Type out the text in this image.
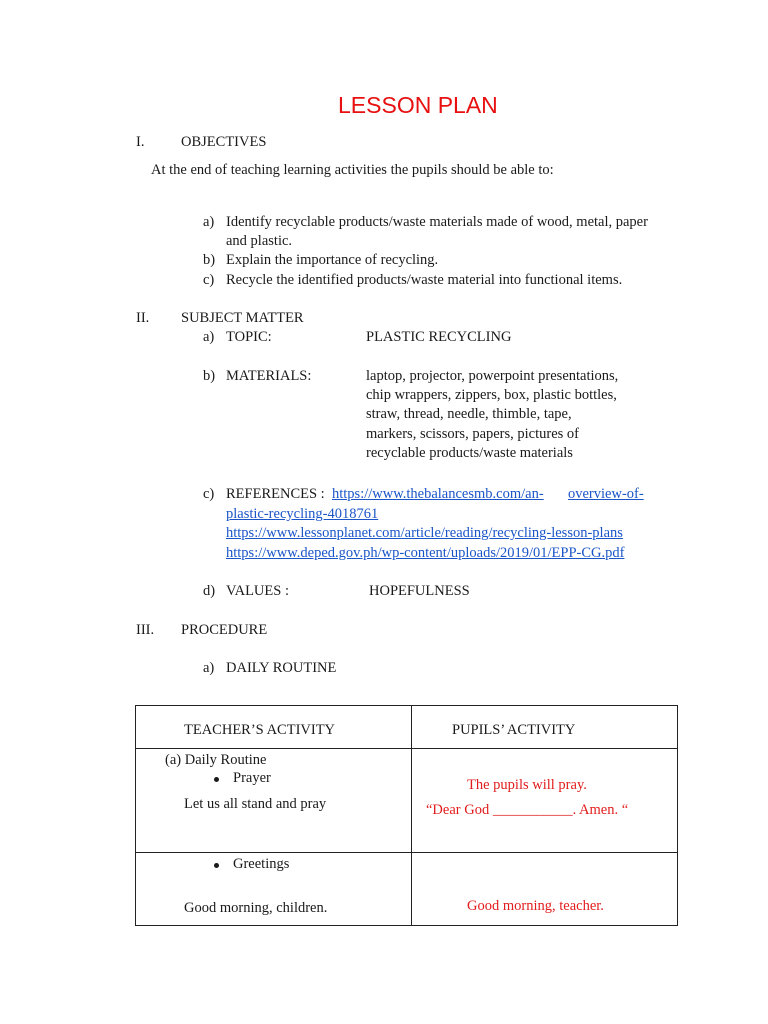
LESSON PLAN
I.	OBJECTIVES
At the end of teaching learning activities the pupils should be able to:
a) Identify recyclable products/waste materials made of wood, metal, paper
and plastic.
b) Explain the importance of recycling.
c) Recycle the identified products/waste material into functional items.
II. SUBJECT MATTER
a) TOPIC:	PLASTIC RECYCLING
b) MATERIALS:	laptop, projector, powerpoint presentations,
chip wrappers, zippers, box, plastic bottles,
straw, thread, needle, thimble, tape,
markers, scissors, papers, pictures of
recyclable products/waste materials
c) REFERENCES : https://www.thebalancesmb.com/an- overview-of-
plastic-recycling-4018761
https://www.lessonplanet.com/article/reading/recycling-lesson-plans
https://www.deped.gov.ph/wp-content/uploads/2019/01/EPP-CG.pdf
d) VALUES :	HOPEFULNESS
III. PROCEDURE
a) DAILY ROUTINE
TEACHER’S ACTIVITY	PUPILS’ ACTIVITY

(a) Daily Routine
Prayer
Let us all stand and pray	The pupils will pray.
“Dear God ___________. Amen. “

Greetings
Good morning, children.	Good morning, teacher.
